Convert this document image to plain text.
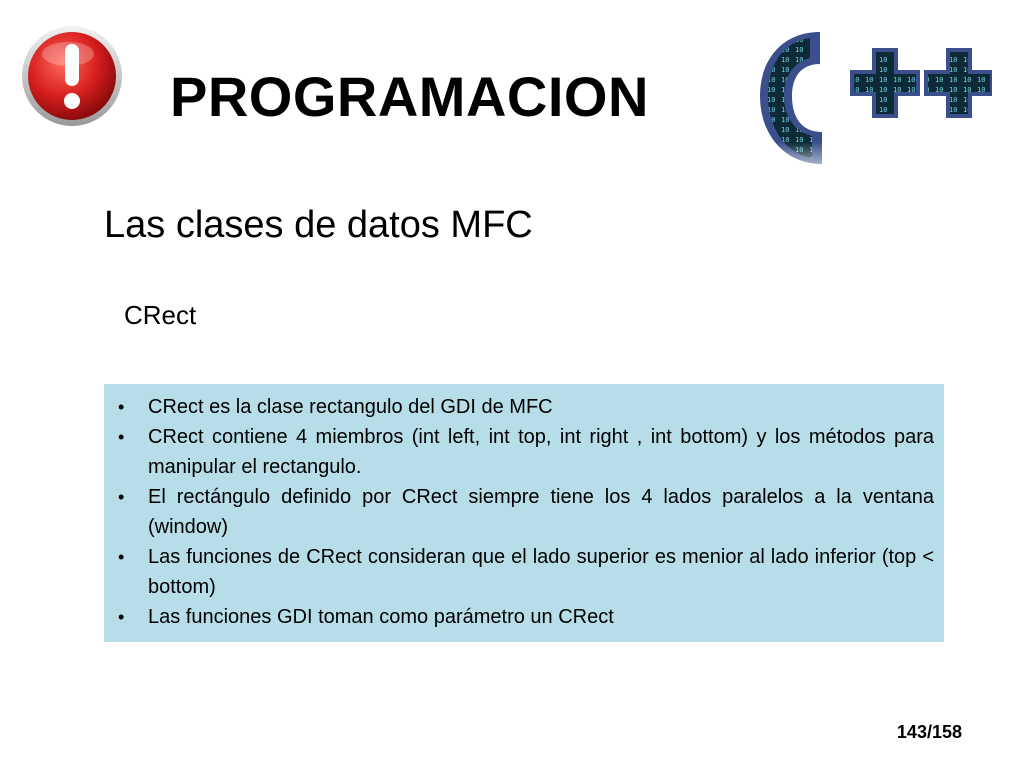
PROGRAMACION
Las clases de datos MFC
CRect
• CRect es la clase rectangulo del GDI de MFC
• CRect contiene 4 miembros (int left, int top, int right , int bottom) y los métodos para manipular el rectangulo.
• El rectángulo definido por CRect siempre tiene los 4 lados paralelos a la ventana (window)
• Las funciones de CRect consideran que el lado superior es menior al lado inferior (top < bottom)
• Las funciones GDI toman como parámetro un CRect
143/158
